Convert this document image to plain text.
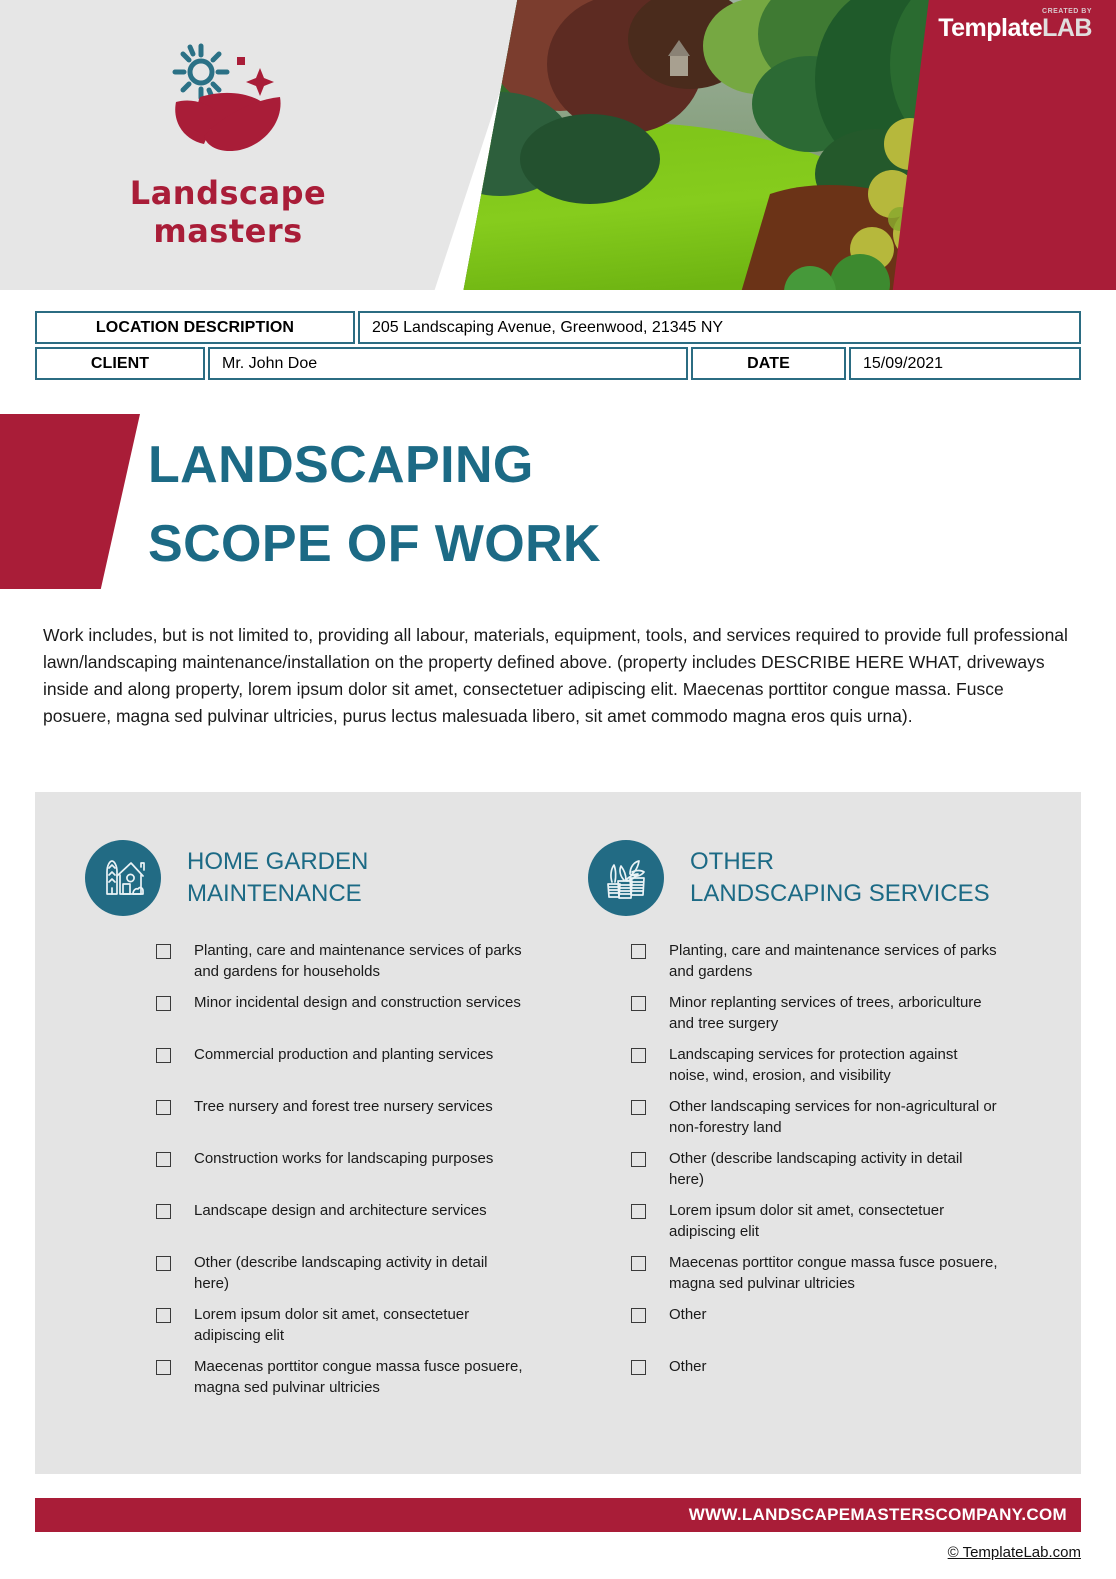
CREATED BY
TemplateLAB
Landscape masters
LOCATION DESCRIPTION	205 Landscaping Avenue, Greenwood, 21345 NY
CLIENT	Mr. John Doe	DATE	15/09/2021
LANDSCAPING
SCOPE OF WORK
Work includes, but is not limited to, providing all labour, materials, equipment, tools, and services required to provide full professional lawn/landscaping maintenance/installation on the property defined above. (property includes DESCRIBE HERE WHAT, driveways inside and along property, lorem ipsum dolor sit amet, consectetuer adipiscing elit. Maecenas porttitor congue massa. Fusce posuere, magna sed pulvinar ultricies, purus lectus malesuada libero, sit amet commodo magna eros quis urna).
HOME GARDEN
MAINTENANCE
Planting, care and maintenance services of parks and gardens for households
Minor incidental design and construction services
Commercial production and planting services
Tree nursery and forest tree nursery services
Construction works for landscaping purposes
Landscape design and architecture services
Other (describe landscaping activity in detail here)
Lorem ipsum dolor sit amet, consectetuer adipiscing elit
Maecenas porttitor congue massa fusce posuere, magna sed pulvinar ultricies
OTHER
LANDSCAPING SERVICES
Planting, care and maintenance services of parks and gardens
Minor replanting services of trees, arboriculture and tree surgery
Landscaping services for protection against noise, wind, erosion, and visibility
Other landscaping services for non-agricultural or non-forestry land
Other (describe landscaping activity in detail here)
Lorem ipsum dolor sit amet, consectetuer adipiscing elit
Maecenas porttitor congue massa fusce posuere, magna sed pulvinar ultricies
Other
Other
WWW.LANDSCAPEMASTERSCOMPANY.COM
© TemplateLab.com
